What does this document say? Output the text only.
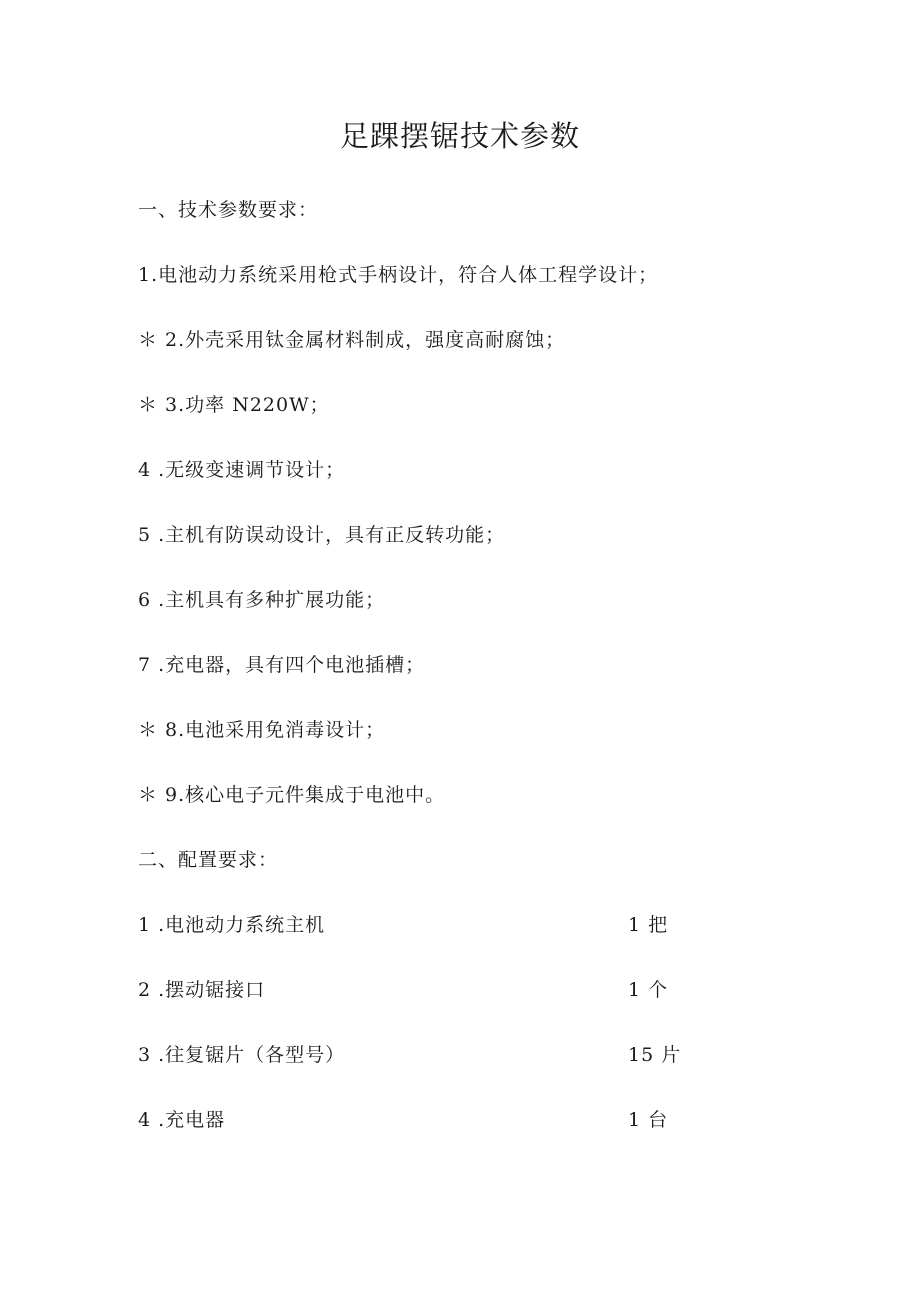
足踝摆锯技术参数
一、技术参数要求：
1.电池动力系统采用枪式手柄设计，符合人体工程学设计；
＊ 2.外壳采用钛金属材料制成，强度高耐腐蚀；
＊ 3.功率 N220W；
4 .无级变速调节设计；
5 .主机有防误动设计，具有正反转功能；
6 .主机具有多种扩展功能；
7 .充电器，具有四个电池插槽；
＊ 8.电池采用免消毒设计；
＊ 9.核心电子元件集成于电池中。
二、配置要求：
1 .电池动力系统主机	1 把
2 .摆动锯接口	1 个
3 .往复锯片（各型号）	15 片
4 .充电器	1 台
